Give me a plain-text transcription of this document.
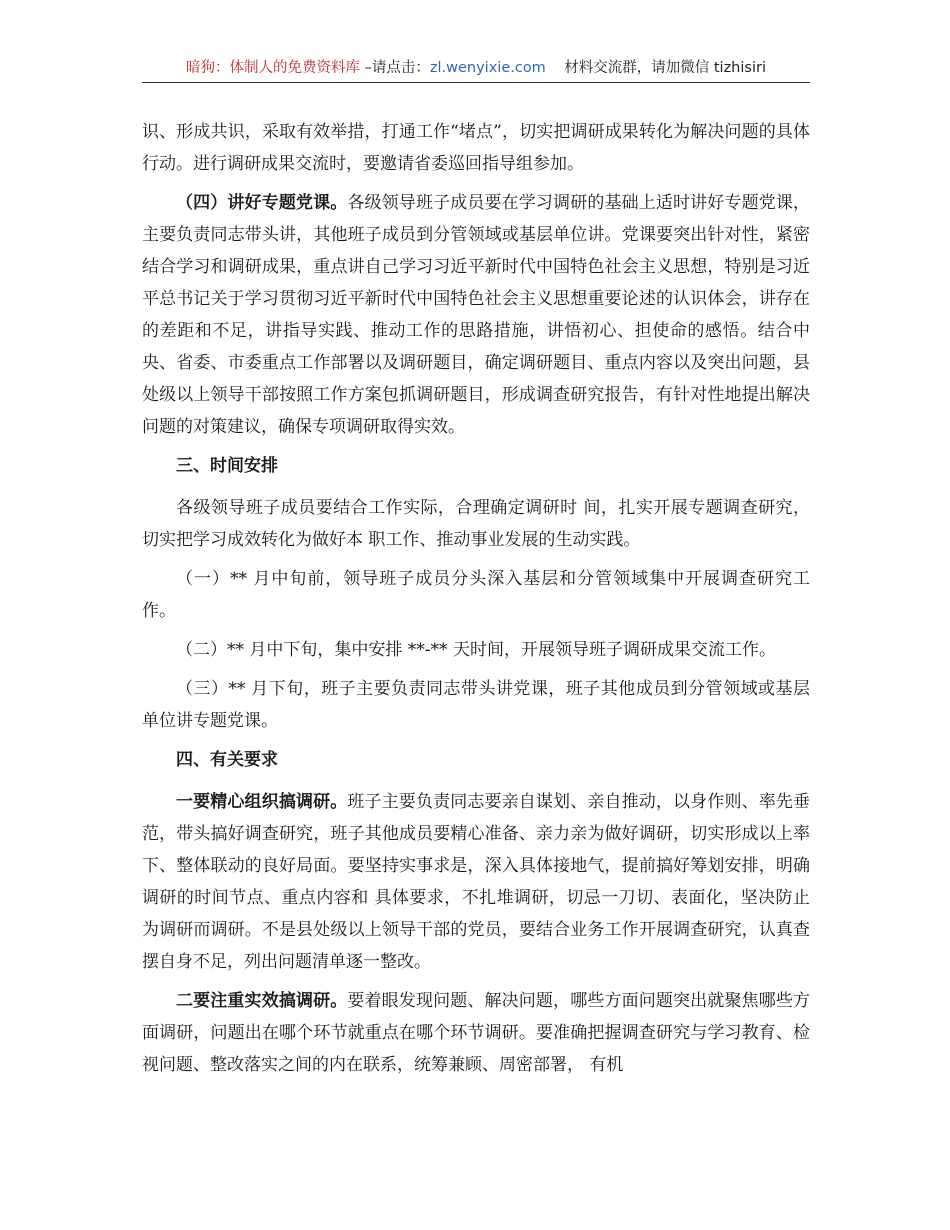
暗狗：体制人的免费资料库 –请点击：zl.wenyixie.com 材料交流群，请加微信 tizhisiri

识、形成共识，采取有效举措，打通工作“堵点”，切实把调研成果转化为解决问题的具体行动。进行调研成果交流时，要邀请省委巡回指导组参加。

（四）讲好专题党课。各级领导班子成员要在学习调研的基础上适时讲好专题党课，主要负责同志带头讲，其他班子成员到分管领域或基层单位讲。党课要突出针对性，紧密结合学习和调研成果，重点讲自己学习习近平新时代中国特色社会主义思想，特别是习近平总书记关于学习贯彻习近平新时代中国特色社会主义思想重要论述的认识体会，讲存在的差距和不足，讲指导实践、推动工作的思路措施，讲悟初心、担使命的感悟。结合中央、省委、市委重点工作部署以及调研题目，确定调研题目、重点内容以及突出问题，县处级以上领导干部按照工作方案包抓调研题目，形成调查研究报告，有针对性地提出解决问题的对策建议，确保专项调研取得实效。

三、时间安排

各级领导班子成员要结合工作实际，合理确定调研时 间，扎实开展专题调查研究，切实把学习成效转化为做好本 职工作、推动事业发展的生动实践。

（一）** 月中旬前，领导班子成员分头深入基层和分管领域集中开展调查研究工作。

（二）** 月中下旬，集中安排 **-** 天时间，开展领导班子调研成果交流工作。

（三）** 月下旬，班子主要负责同志带头讲党课，班子其他成员到分管领域或基层单位讲专题党课。

四、有关要求

一要精心组织搞调研。班子主要负责同志要亲自谋划、亲自推动，以身作则、率先垂范，带头搞好调查研究，班子其他成员要精心准备、亲力亲为做好调研，切实形成以上率下、整体联动的良好局面。要坚持实事求是，深入具体接地气，提前搞好筹划安排，明确调研的时间节点、重点内容和 具体要求，不扎堆调研，切忌一刀切、表面化，坚决防止为调研而调研。不是县处级以上领导干部的党员，要结合业务工作开展调查研究，认真查摆自身不足，列出问题清单逐一整改。

二要注重实效搞调研。要着眼发现问题、解决问题，哪些方面问题突出就聚焦哪些方面调研，问题出在哪个环节就重点在哪个环节调研。要准确把握调查研究与学习教育、检视问题、整改落实之间的内在联系，统筹兼顾、周密部署， 有机
